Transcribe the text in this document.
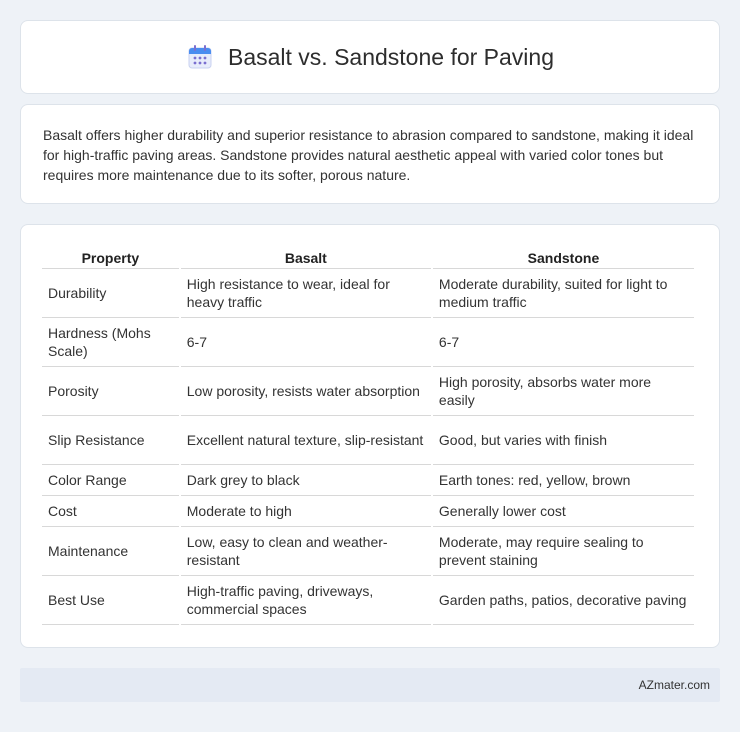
Basalt vs. Sandstone for Paving

Basalt offers higher durability and superior resistance to abrasion compared to sandstone, making it ideal for high-traffic paving areas. Sandstone provides natural aesthetic appeal with varied color tones but requires more maintenance due to its softer, porous nature.

Property	Basalt	Sandstone
Durability	High resistance to wear, ideal for heavy traffic	Moderate durability, suited for light to medium traffic
Hardness (Mohs Scale)	6-7	6-7
Porosity	Low porosity, resists water absorption	High porosity, absorbs water more easily
Slip Resistance	Excellent natural texture, slip-resistant	Good, but varies with finish
Color Range	Dark grey to black	Earth tones: red, yellow, brown
Cost	Moderate to high	Generally lower cost
Maintenance	Low, easy to clean and weather-resistant	Moderate, may require sealing to prevent staining
Best Use	High-traffic paving, driveways, commercial spaces	Garden paths, patios, decorative paving
AZmater.com
